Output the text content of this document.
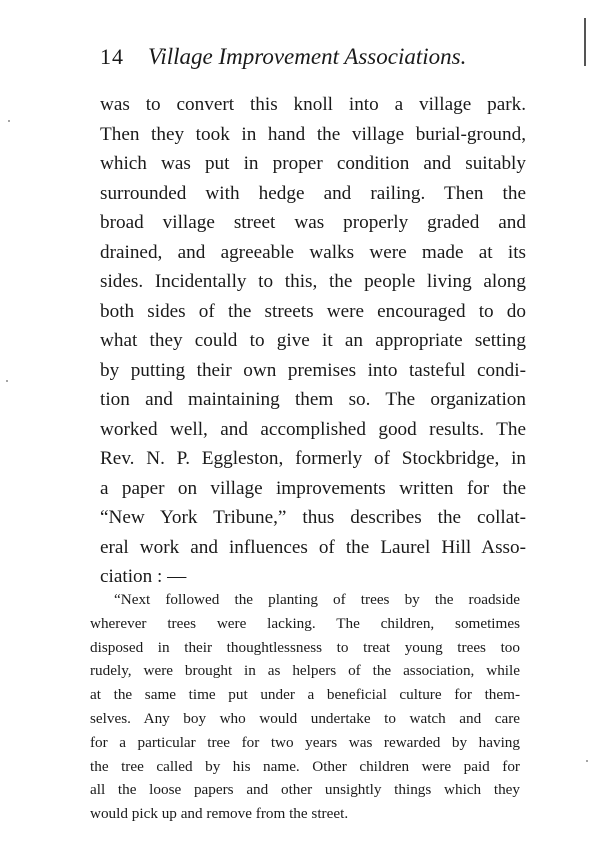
14 Village Improvement Associations.
was to convert this knoll into a village park.
Then they took in hand the village burial-ground,
which was put in proper condition and suitably
surrounded with hedge and railing. Then the
broad village street was properly graded and
drained, and agreeable walks were made at its
sides. Incidentally to this, the people living along
both sides of the streets were encouraged to do
what they could to give it an appropriate setting
by putting their own premises into tasteful condi-
tion and maintaining them so. The organization
worked well, and accomplished good results. The
Rev. N. P. Eggleston, formerly of Stockbridge, in
a paper on village improvements written for the
“New York Tribune,” thus describes the collat-
eral work and influences of the Laurel Hill Asso-
ciation : —
“Next followed the planting of trees by the roadside
wherever trees were lacking. The children, sometimes
disposed in their thoughtlessness to treat young trees too
rudely, were brought in as helpers of the association, while
at the same time put under a beneficial culture for them-
selves. Any boy who would undertake to watch and care
for a particular tree for two years was rewarded by having
the tree called by his name. Other children were paid for
all the loose papers and other unsightly things which they
would pick up and remove from the street.
